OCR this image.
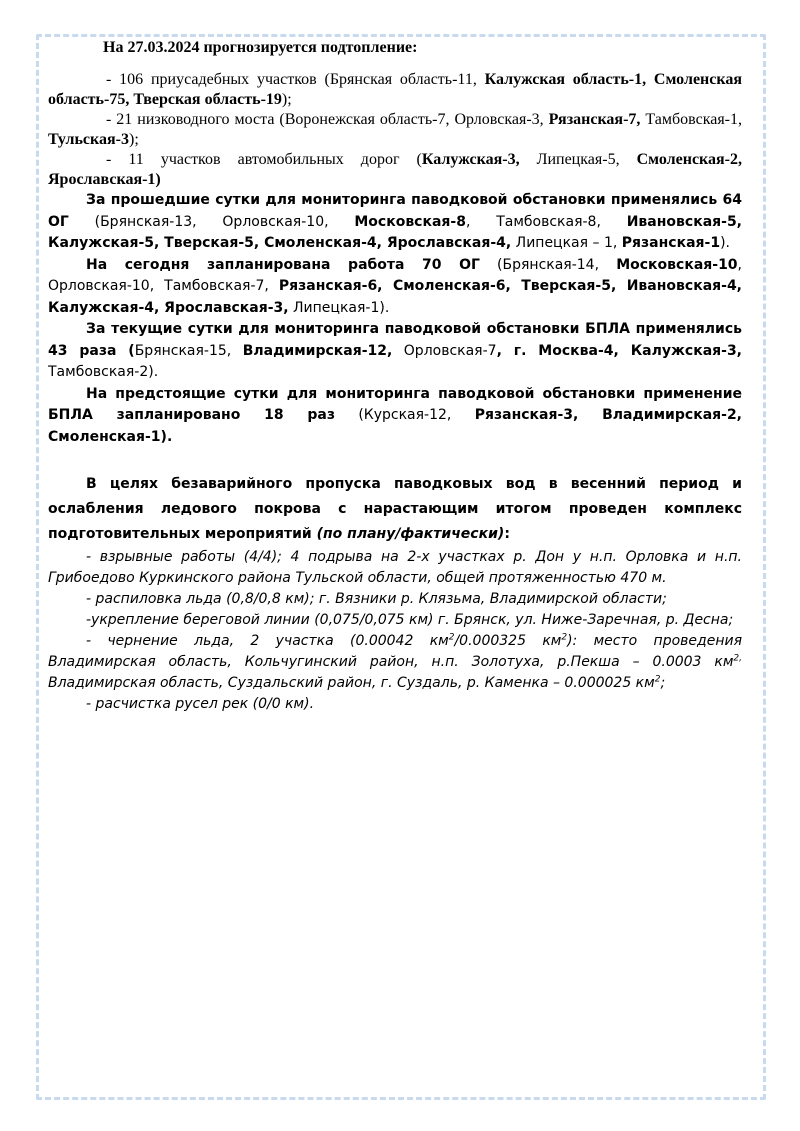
На 27.03.2024 прогнозируется подтопление:

- 106 приусадебных участков (Брянская область-11, Калужская область-1, Смоленская область-75, Тверская область-19);

- 21 низководного моста (Воронежская область-7, Орловская-3, Рязанская-7, Тамбовская-1, Тульская-3);

- 11 участков автомобильных дорог (Калужская-3, Липецкая-5, Смоленская-2, Ярославская-1)

За прошедшие сутки для мониторинга паводковой обстановки применялись 64 ОГ (Брянская-13, Орловская-10, Московская-8, Тамбовская-8, Ивановская-5, Калужская-5, Тверская-5, Смоленская-4, Ярославская-4, Липецкая – 1, Рязанская-1).

На сегодня запланирована работа 70 ОГ (Брянская-14, Московская-10, Орловская-10, Тамбовская-7, Рязанская-6, Смоленская-6, Тверская-5, Ивановская-4, Калужская-4, Ярославская-3, Липецкая-1).

За текущие сутки для мониторинга паводковой обстановки БПЛА применялись 43 раза (Брянская-15, Владимирская-12, Орловская-7, г. Москва-4, Калужская-3, Тамбовская-2).

На предстоящие сутки для мониторинга паводковой обстановки применение БПЛА запланировано 18 раз (Курская-12, Рязанская-3, Владимирская-2, Смоленская-1).

В целях безаварийного пропуска паводковых вод в весенний период и ослабления ледового покрова с нарастающим итогом проведен комплекс подготовительных мероприятий (по плану/фактически):

- взрывные работы (4/4); 4 подрыва на 2-х участках р. Дон у н.п. Орловка и н.п. Грибоедово Куркинского района Тульской области, общей протяженностью 470 м.

- распиловка льда (0,8/0,8 км); г. Вязники р. Клязьма, Владимирской области;

-укрепление береговой линии (0,075/0,075 км) г. Брянск, ул. Ниже-Заречная, р. Десна;

- чернение льда, 2 участка (0.00042 $км^2/0.000325$ $км^2$): место проведения Владимирская область, Кольчугинский район, н.п. Золотуха, р.Пекша – 0.0003 $км^{2,}$ Владимирская область, Суздальский район, г. Суздаль, р. Каменка – 0.000025 $км^2$;

- расчистка русел рек (0/0 км).
